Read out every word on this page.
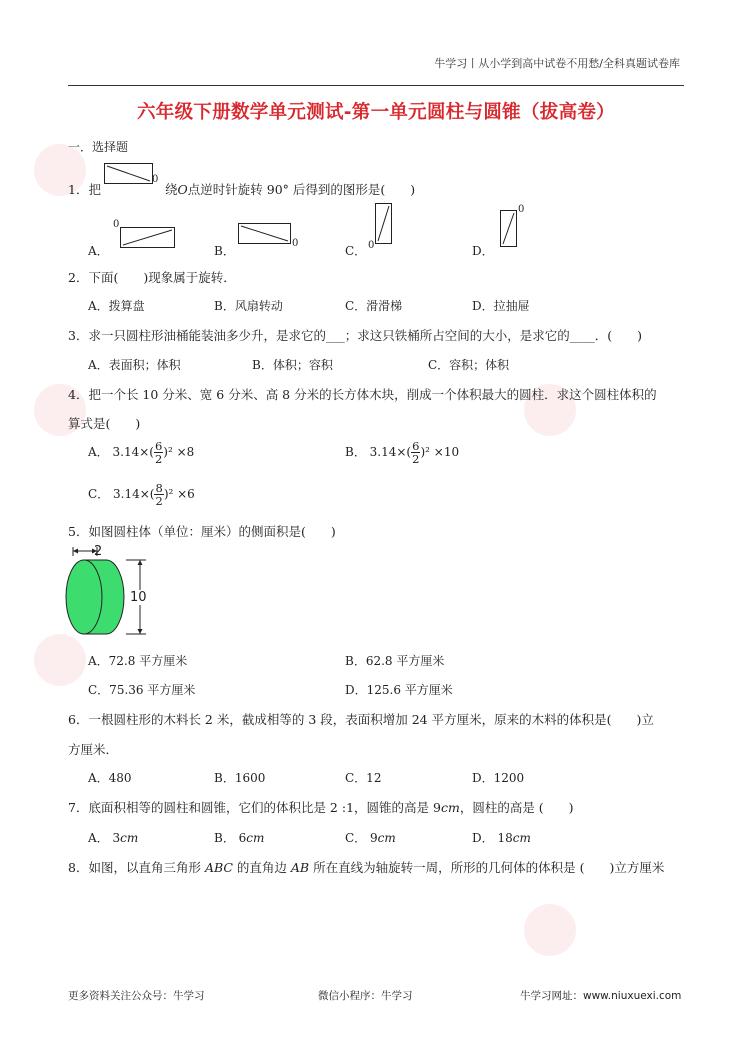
牛学习丨从小学到高中试卷不用愁/全科真题试卷库
六年级下册数学单元测试-第一单元圆柱与圆锥（拔高卷）
一．选择题
1．把
0
绕O点逆时针旋转 90° 后得到的图形是(　　)
A．
0
B．
0
C． 0	D．
0
2．下面(　　)现象属于旋转．
A．拨算盘	B．风扇转动	C．滑滑梯	D．拉抽屉
3．求一只圆柱形油桶能装油多少升，是求它的___；求这只铁桶所占空间的大小，是求它的____．(　　)
A．表面积；体积	B．体积；容积	C．容积；体积
4．把一个长 10 分米、宽 6 分米、高 8 分米的长方体木块，削成一个体积最大的圆柱．求这个圆柱体积的
算式是(　　)
A． $3.14\times( \frac{6}{2} )^2 \times 8$	B． $3.14\times( \frac{6}{2} )^2 \times 10$
C． $3.14\times( \frac{8}{2} )^2 \times 6$
5．如图圆柱体（单位：厘米）的侧面积是(　　)
2
10
A．72.8 平方厘米	B．62.8 平方厘米
C．75.36 平方厘米	D．125.6 平方厘米
6．一根圆柱形的木料长 2 米，截成相等的 3 段，表面积增加 24 平方厘米，原来的木料的体积是(　　)立
方厘米．
A．480	B．1600	C．12	D．1200
7．底面积相等的圆柱和圆锥，它们的体积比是 2 :1，圆锥的高是 9cm，圆柱的高是 (　　)
A． 3cm	B． 6cm	C． 9cm	D． 18cm
8．如图，以直角三角形 ABC 的直角边 AB 所在直线为轴旋转一周，所形的几何体的体积是 (　　)立方厘米
更多资料关注公众号：牛学习	微信小程序：牛学习	牛学习网址：www.niuxuexi.com
